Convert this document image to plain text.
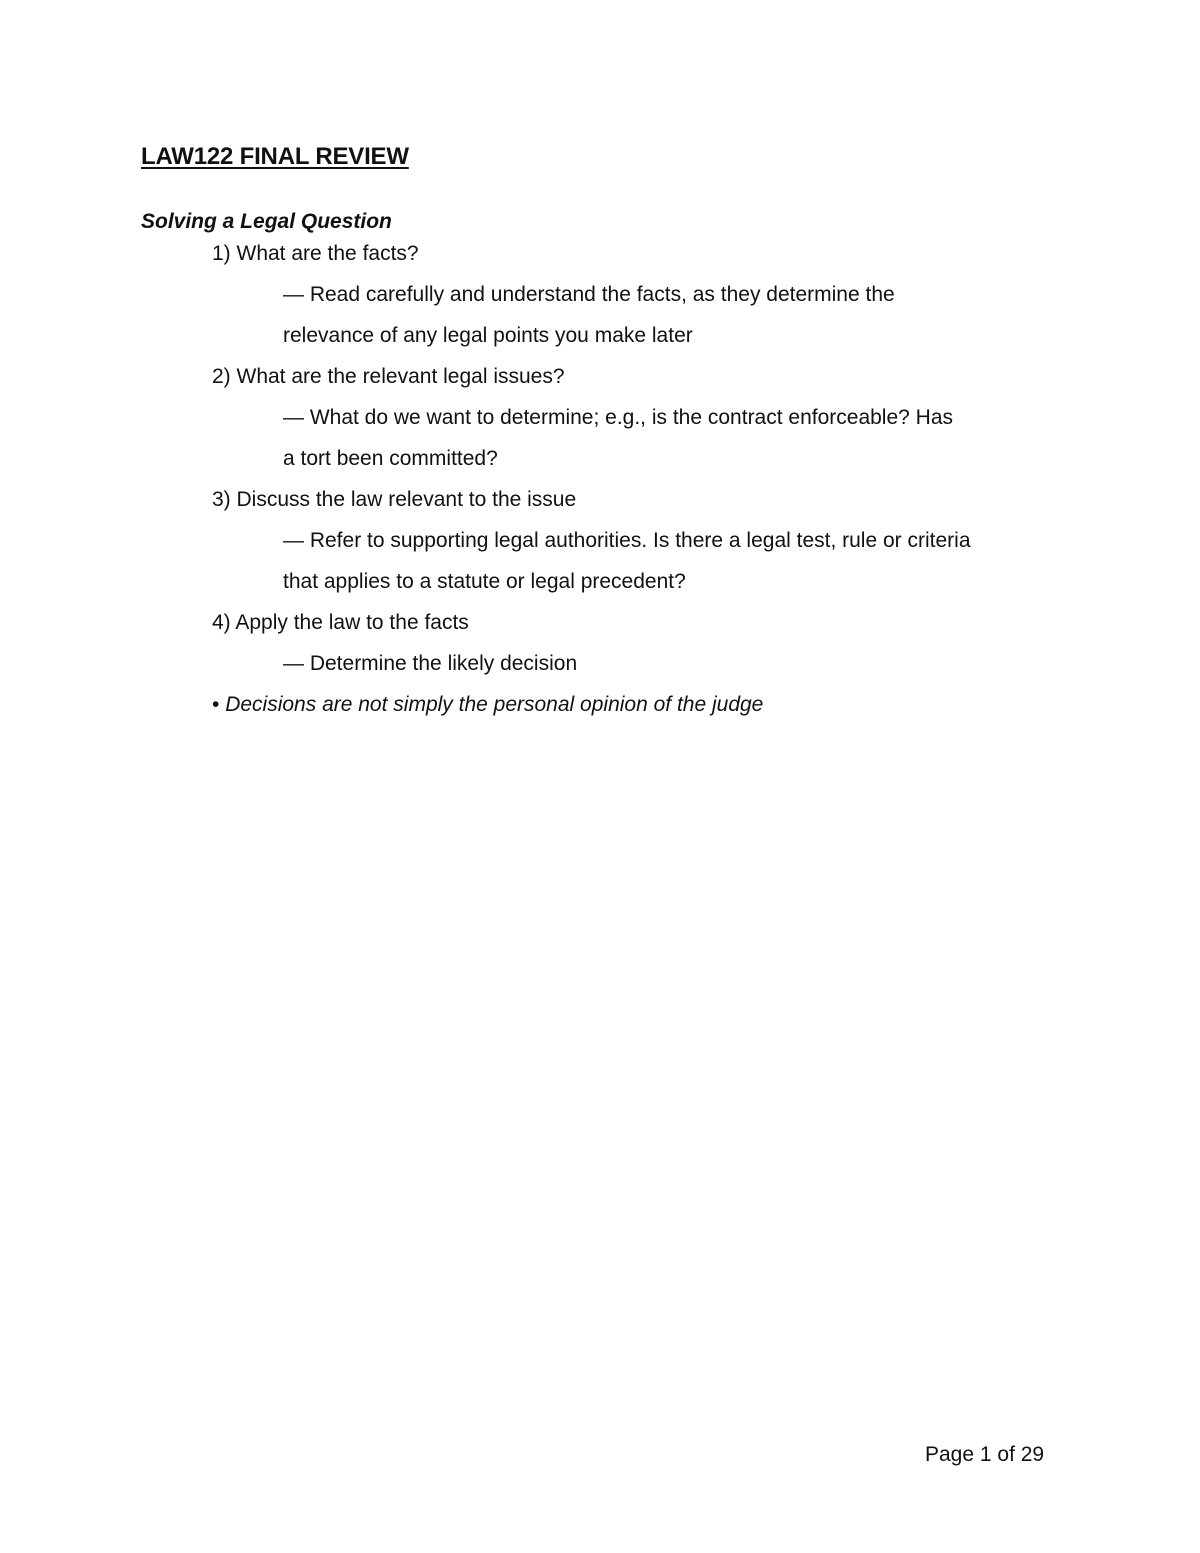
LAW122 FINAL REVIEW
Solving a Legal Question
1) What are the facts?
— Read carefully and understand the facts, as they determine the
relevance of any legal points you make later
2) What are the relevant legal issues?
— What do we want to determine; e.g., is the contract enforceable? Has
a tort been committed?
3) Discuss the law relevant to the issue
— Refer to supporting legal authorities. Is there a legal test, rule or criteria
that applies to a statute or legal precedent?
4) Apply the law to the facts
— Determine the likely decision
• Decisions are not simply the personal opinion of the judge
Page 1 of 29
